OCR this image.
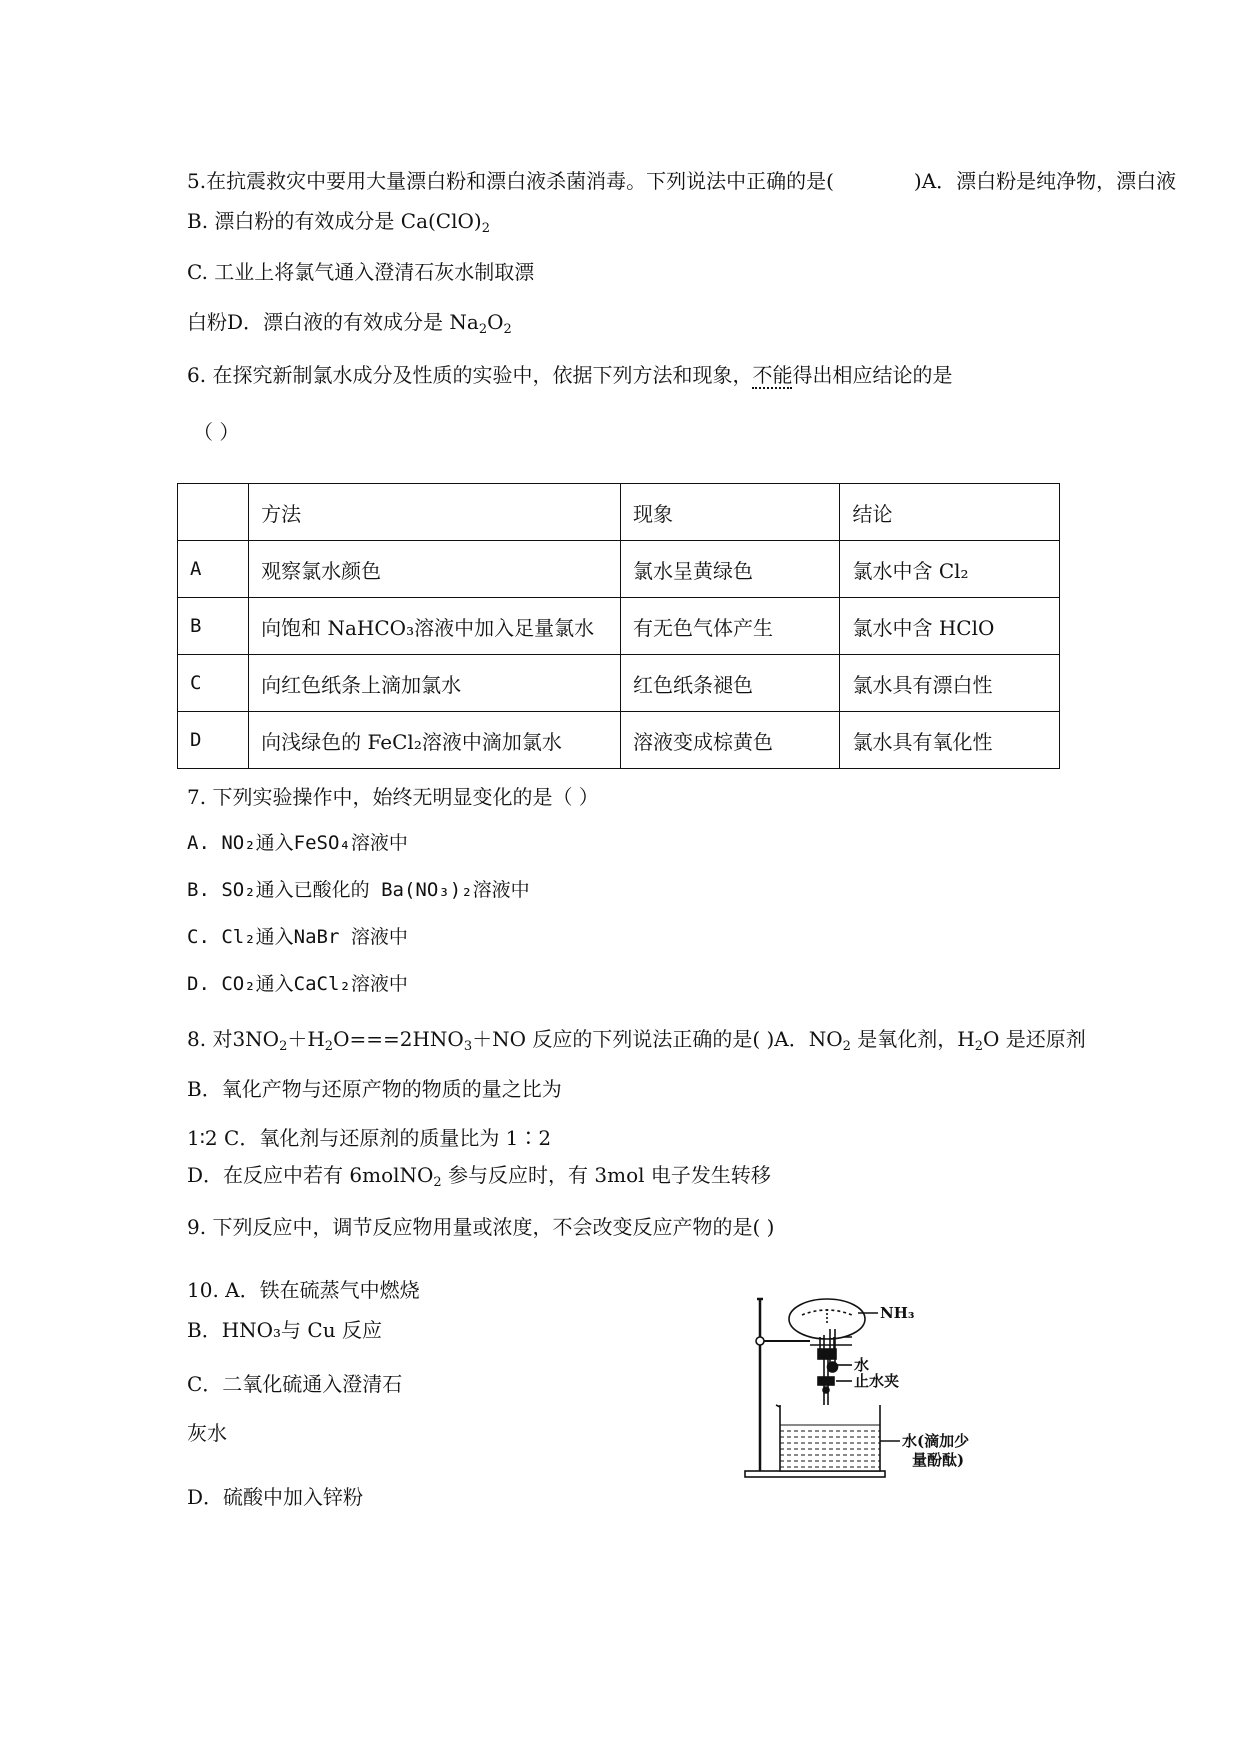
5.在抗震救灾中要用大量漂白粉和漂白液杀菌消毒。下列说法中正确的是(	)A．漂白粉是纯净物，漂白液
B. 漂白粉的有效成分是 $Ca(ClO)_2$
C. 工业上将氯气通入澄清石灰水制取漂
白粉D．漂白液的有效成分是 $Na_2O_2$
6. 在探究新制氯水成分及性质的实验中，依据下列方法和现象，不能得出相应结论的是
（ ）
	方法	现象	结论
A	观察氯水颜色	氯水呈黄绿色	氯水中含 Cl₂
B	向饱和 NaHCO₃溶液中加入足量氯水	有无色气体产生	氯水中含 HClO
C	向红色纸条上滴加氯水	红色纸条褪色	氯水具有漂白性
D	向浅绿色的 FeCl₂溶液中滴加氯水	溶液变成棕黄色	氯水具有氧化性
7. 下列实验操作中，始终无明显变化的是（ ）
A. NO₂通入FeSO₄溶液中
B. SO₂通入已酸化的 Ba(NO₃)₂溶液中
C. Cl₂通入NaBr 溶液中
D. CO₂通入CaCl₂溶液中
8. 对$3NO_2+H_2O===2HNO_3+NO$ 反应的下列说法正确的是( )A．$NO_2$ 是氧化剂，$H_2O$ 是还原剂
B．氧化产物与还原产物的物质的量之比为
1∶2 C．氧化剂与还原剂的质量比为 1∶2
D．在反应中若有 6molNO$_2$ 参与反应时，有 3mol 电子发生转移
9. 下列反应中，调节反应物用量或浓度，不会改变反应产物的是( )
10. A．铁在硫蒸气中燃烧
B．HNO₃与 Cu 反应
C．二氧化硫通入澄清石
灰水
D．硫酸中加入锌粉
NH₃
水
止水夹
水(滴加少
量酚酞)
